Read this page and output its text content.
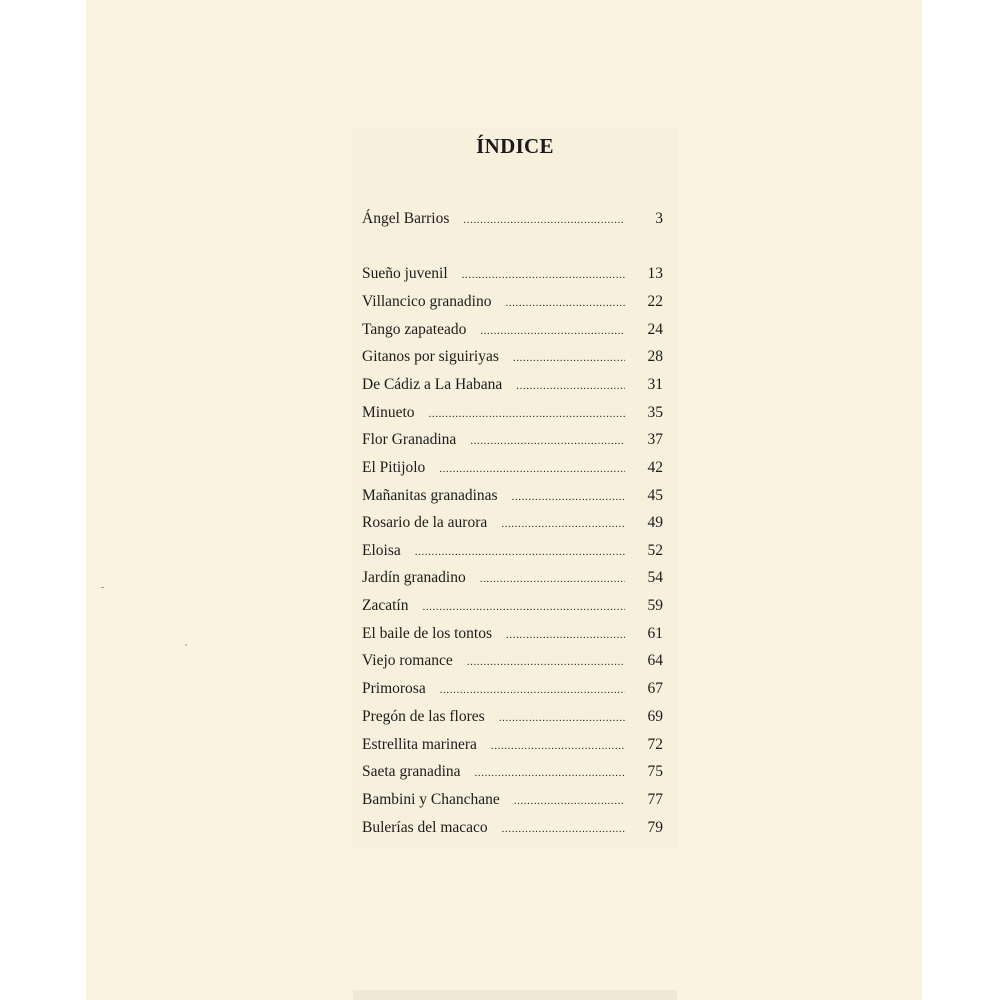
ÍNDICE
Ángel Barrios .....	3
Sueño juvenil .....	13
Villancico granadino .....	22
Tango zapateado .....	24
Gitanos por siguiriyas .....	28
De Cádiz a La Habana .....	31
Minueto .....	35
Flor Granadina .....	37
El Pitijolo .....	42
Mañanitas granadinas .....	45
Rosario de la aurora .....	49
Eloisa .....	52
Jardín granadino .....	54
Zacatín .....	59
El baile de los tontos .....	61
Viejo romance .....	64
Primorosa .....	67
Pregón de las flores .....	69
Estrellita marinera .....	72
Saeta granadina .....	75
Bambini y Chanchane .....	77
Bulerías del macaco .....	79
